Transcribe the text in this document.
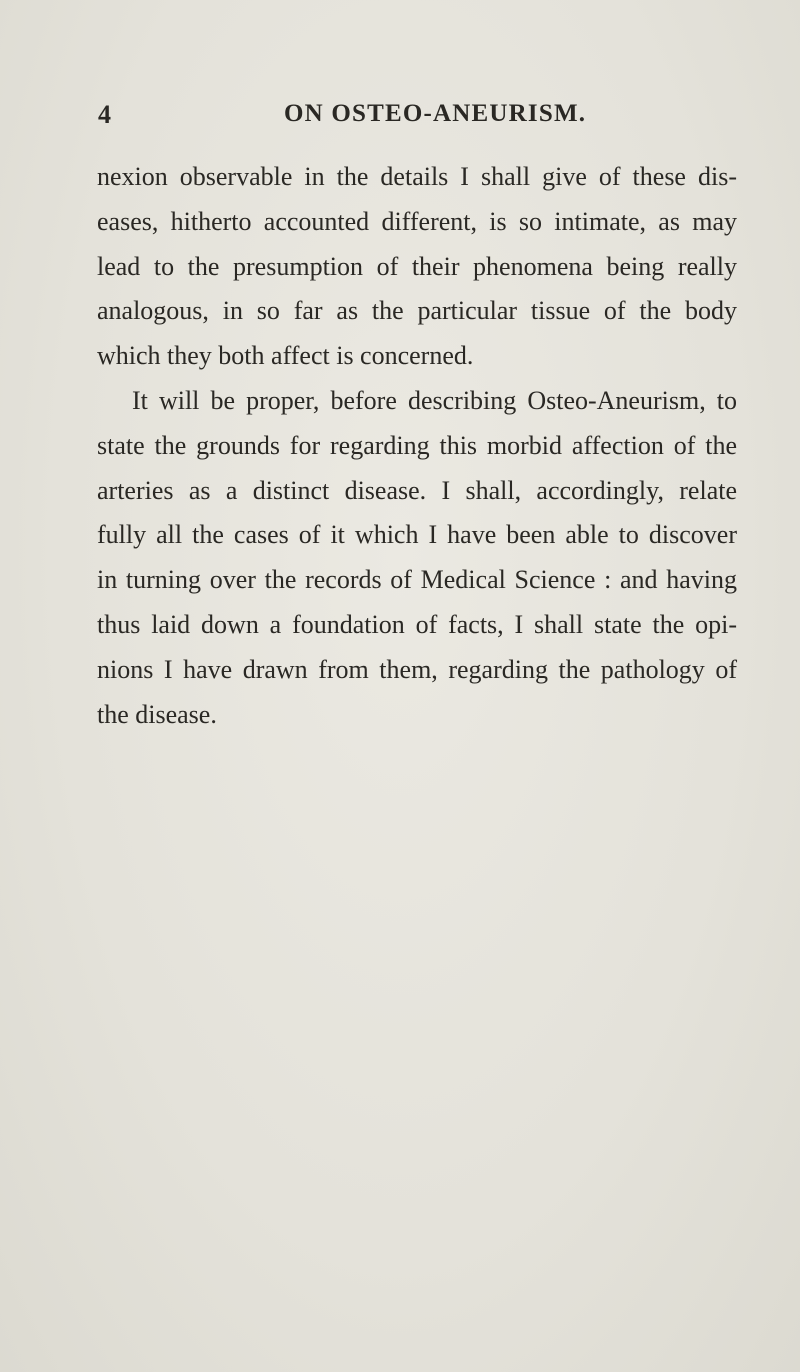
4	ON OSTEO-ANEURISM.
nexion observable in the details I shall give of these dis-
eases, hitherto accounted different, is so intimate, as may
lead to the presumption of their phenomena being really
analogous, in so far as the particular tissue of the body
which they both affect is concerned.
It will be proper, before describing Osteo-Aneurism, to
state the grounds for regarding this morbid affection of the
arteries as a distinct disease. I shall, accordingly, relate
fully all the cases of it which I have been able to discover
in turning over the records of Medical Science : and having
thus laid down a foundation of facts, I shall state the opi-
nions I have drawn from them, regarding the pathology of
the disease.
